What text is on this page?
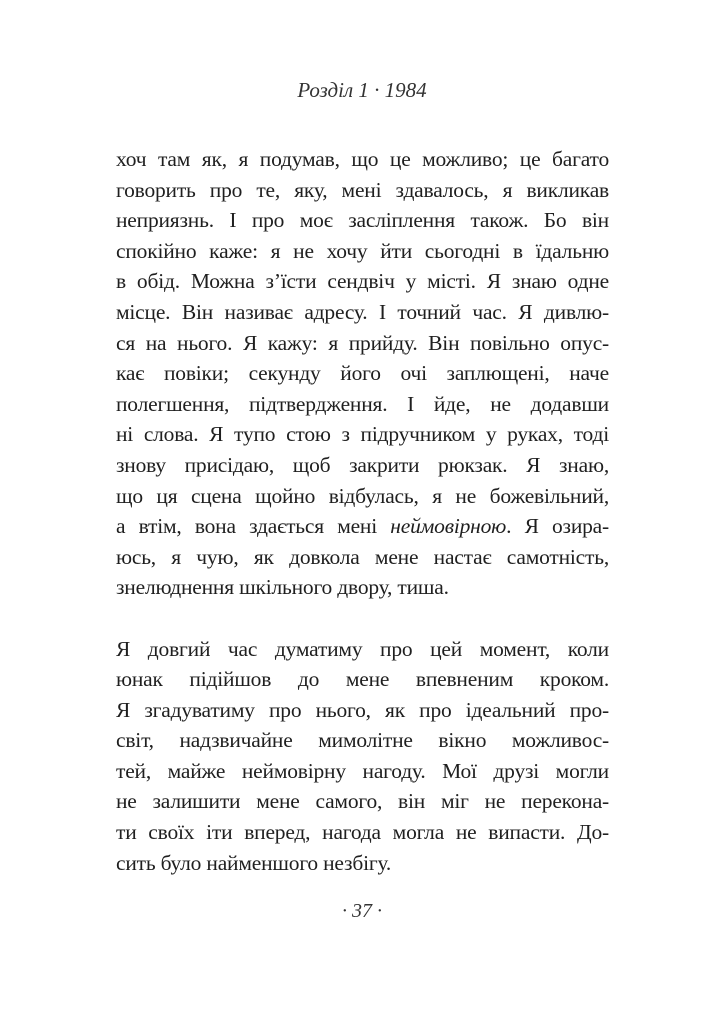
Розділ 1 · 1984
хоч там як, я подумав, що це можливо; це багато
говорить про те, яку, мені здавалось, я викликав
неприязнь. І про моє засліплення також. Бо він
спокійно каже: я не хочу йти сьогодні в їдальню
в обід. Можна з’їсти сендвіч у місті. Я знаю одне
місце. Він називає адресу. І точний час. Я дивлю-
ся на нього. Я кажу: я прийду. Він повільно опус-
кає повіки; секунду його очі заплющені, наче
полегшення, підтвердження. І йде, не додавши
ні слова. Я тупо стою з підручником у руках, тоді
знову присідаю, щоб закрити рюкзак. Я знаю,
що ця сцена щойно відбулась, я не божевільний,
а втім, вона здається мені неймовірною. Я озира-
юсь, я чую, як довкола мене настає самотність,
знелюднення шкільного двору, тиша.
Я довгий час думатиму про цей момент, коли
юнак підійшов до мене впевненим кроком.
Я згадуватиму про нього, як про ідеальний про-
світ, надзвичайне мимолітне вікно можливос-
тей, майже неймовірну нагоду. Мої друзі могли
не залишити мене самого, він міг не перекона-
ти своїх іти вперед, нагода могла не випасти. До-
сить було найменшого незбігу.
· 37 ·
